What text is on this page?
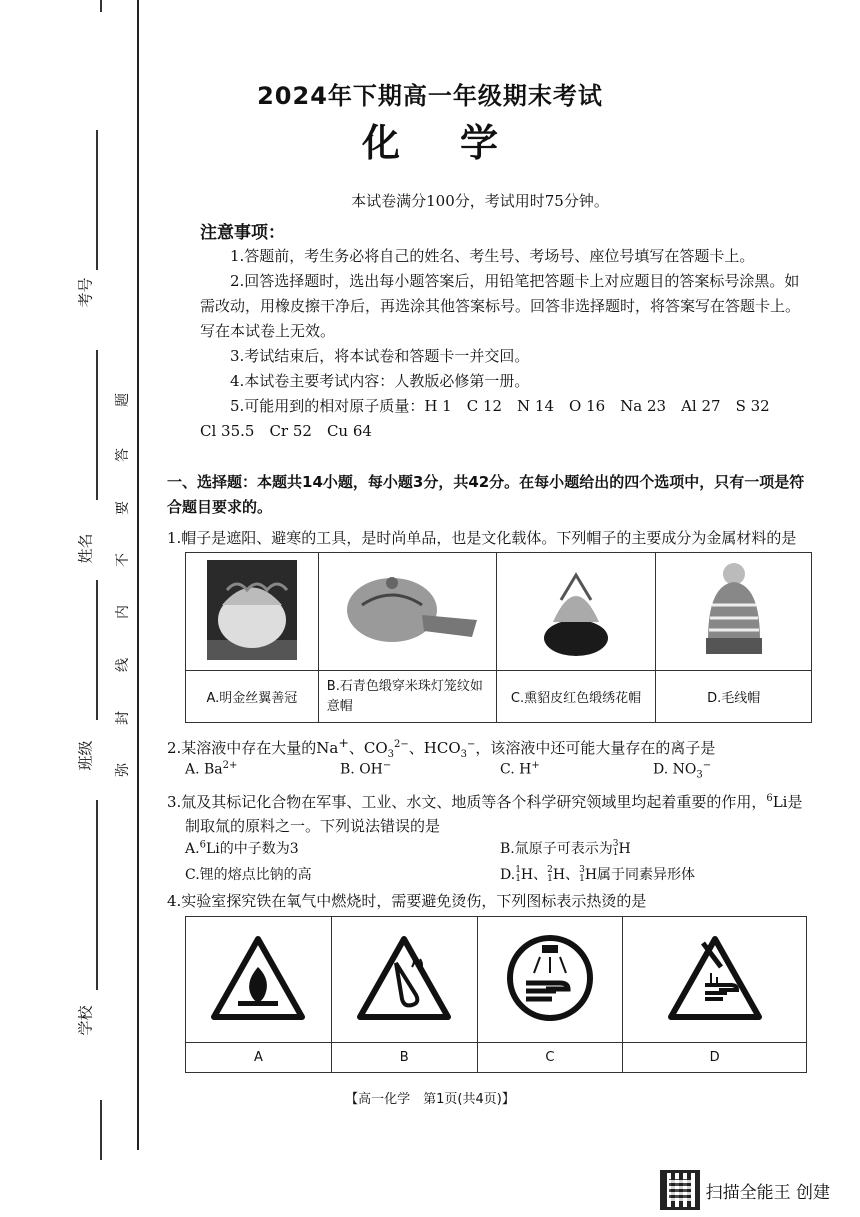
考号
姓名
班级
学校
题
答
要
不
内
线
封
弥
2024年下期高一年级期末考试
化学
本试卷满分100分，考试用时75分钟。
注意事项：

1.答题前，考生务必将自己的姓名、考生号、考场号、座位号填写在答题卡上。

2.回答选择题时，选出每小题答案后，用铅笔把答题卡上对应题目的答案标号涂黑。如需改动，用橡皮擦干净后，再选涂其他答案标号。回答非选择题时，将答案写在答题卡上。写在本试卷上无效。

3.考试结束后，将本试卷和答题卡一并交回。

4.本试卷主要考试内容：人教版必修第一册。

5.可能用到的相对原子质量：H 1　C 12　N 14　O 16　Na 23　Al 27　S 32

Cl 35.5　Cr 52　Cu 64

一、选择题：本题共14小题，每小题3分，共42分。在每小题给出的四个选项中，只有一项是符合题目要求的。
1.帽子是遮阳、避寒的工具，是时尚单品，也是文化载体。下列帽子的主要成分为金属材料的是

A.明金丝翼善冠	B.石青色缎穿米珠灯笼纹如意帽	C.熏貂皮红色缎绣花帽	D.毛线帽
2.某溶液中存在大量的Na+、$CO_3^{2-}$、$HCO_3^-$，该溶液中还可能大量存在的离子是
A. $Ba^{2+}$	B. OH−	C. H+	D. $NO_3^-$
3.氚及其标记化合物在军事、工业、水文、地质等各个科学研究领域里均起着重要的作用，$^6$Li是
制取氚的原料之一。下列说法错误的是
A.$^6$Li的中子数为3	B.氚原子可表示为3
1H
C.锂的熔点比钠的高	D.1
1H、2
1H、3
1H属于同素异形体
4.实验室探究铁在氧气中燃烧时，需要避免烫伤，下列图标表示热烫的是

A	B	C	D
【高一化学　第1页(共4页)】
扫描全能王 创建
